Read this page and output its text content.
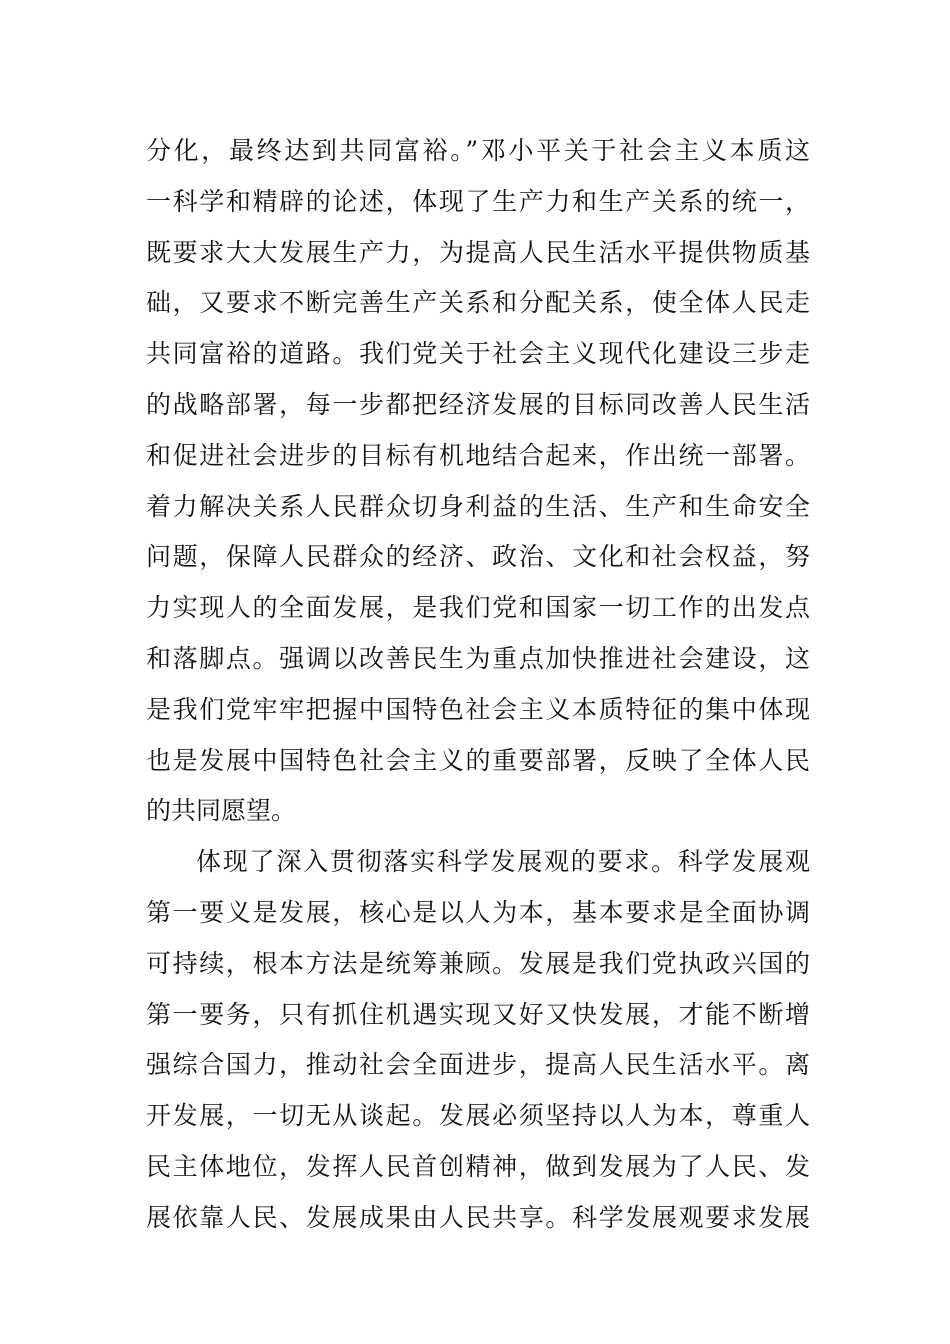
分化，最终达到共同富裕。”邓小平关于社会主义本质这
一科学和精辟的论述，体现了生产力和生产关系的统一，
既要求大大发展生产力，为提高人民生活水平提供物质基
础，又要求不断完善生产关系和分配关系，使全体人民走
共同富裕的道路。我们党关于社会主义现代化建设三步走
的战略部署，每一步都把经济发展的目标同改善人民生活
和促进社会进步的目标有机地结合起来，作出统一部署。
着力解决关系人民群众切身利益的生活、生产和生命安全
问题，保障人民群众的经济、政治、文化和社会权益，努
力实现人的全面发展，是我们党和国家一切工作的出发点
和落脚点。强调以改善民生为重点加快推进社会建设，这
是我们党牢牢把握中国特色社会主义本质特征的集中体现
也是发展中国特色社会主义的重要部署，反映了全体人民
的共同愿望。
体现了深入贯彻落实科学发展观的要求。科学发展观
第一要义是发展，核心是以人为本，基本要求是全面协调
可持续，根本方法是统筹兼顾。发展是我们党执政兴国的
第一要务，只有抓住机遇实现又好又快发展，才能不断增
强综合国力，推动社会全面进步，提高人民生活水平。离
开发展，一切无从谈起。发展必须坚持以人为本，尊重人
民主体地位，发挥人民首创精神，做到发展为了人民、发
展依靠人民、发展成果由人民共享。科学发展观要求发展
